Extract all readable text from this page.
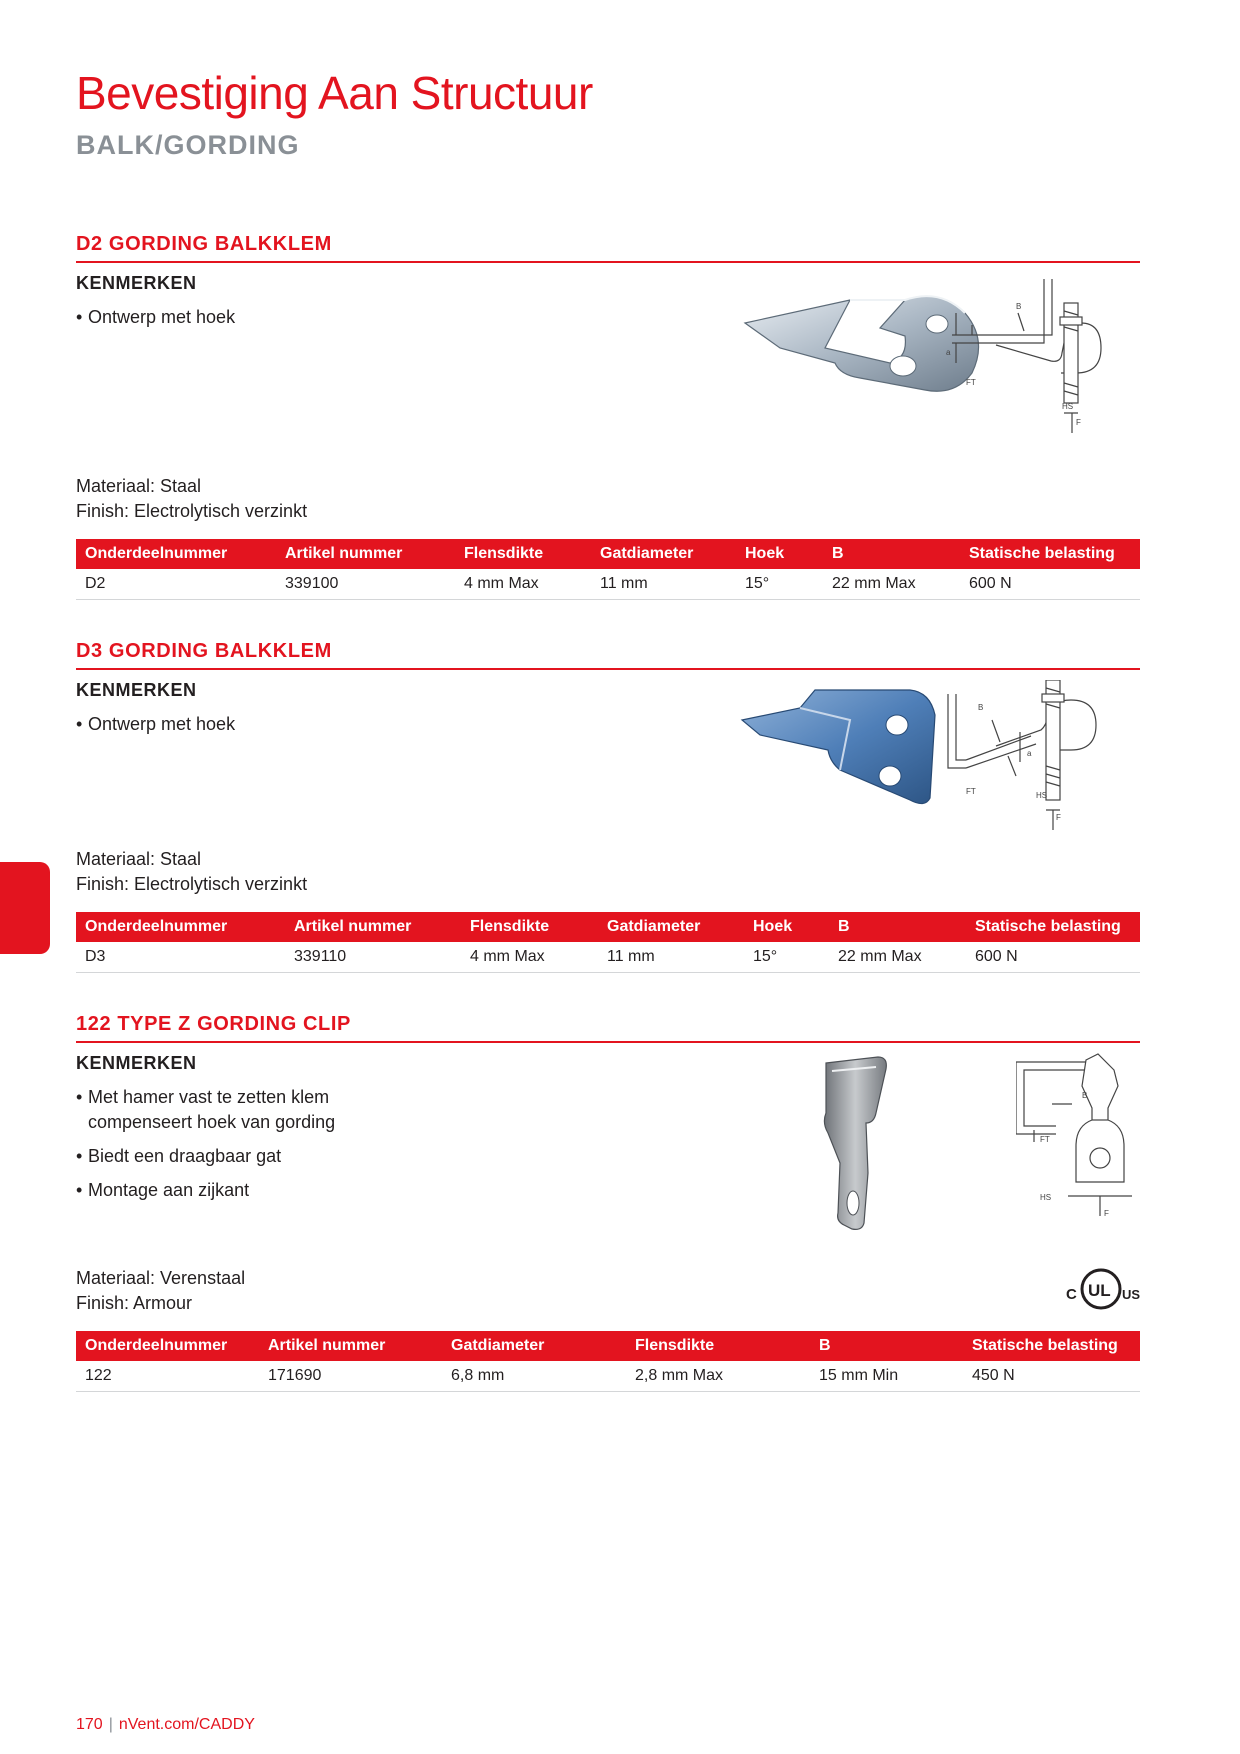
Bevestiging Aan Structuur
BALK/GORDING
D2 GORDING BALKKLEM
KENMERKEN
• Ontwerp met hoek
B
a
FT
HS
F
Materiaal: Staal
Finish: Electrolytisch verzinkt
Onderdeelnummer	Artikel nummer	Flensdikte	Gatdiameter	Hoek	B	Statische belasting
D2	339100	4 mm Max	11 mm	15°	22 mm Max	600 N
D3 GORDING BALKKLEM
KENMERKEN
• Ontwerp met hoek
B
a
FT	HS
F
Materiaal: Staal
Finish: Electrolytisch verzinkt
Onderdeelnummer	Artikel nummer	Flensdikte	Gatdiameter	Hoek	B	Statische belasting
D3	339110	4 mm Max	11 mm	15°	22 mm Max	600 N
122 TYPE Z GORDING CLIP
KENMERKEN
• Met hamer vast te zetten klem compenseert hoek van gording
• Biedt een draagbaar gat
• Montage aan zijkant
B
FT
HS
F
Materiaal: Verenstaal
Finish: Armour	C UL US
Onderdeelnummer	Artikel nummer	Gatdiameter	Flensdikte	B	Statische belasting
122	171690	6,8 mm	2,8 mm Max	15 mm Min	450 N
170 | nVent.com/CADDY
